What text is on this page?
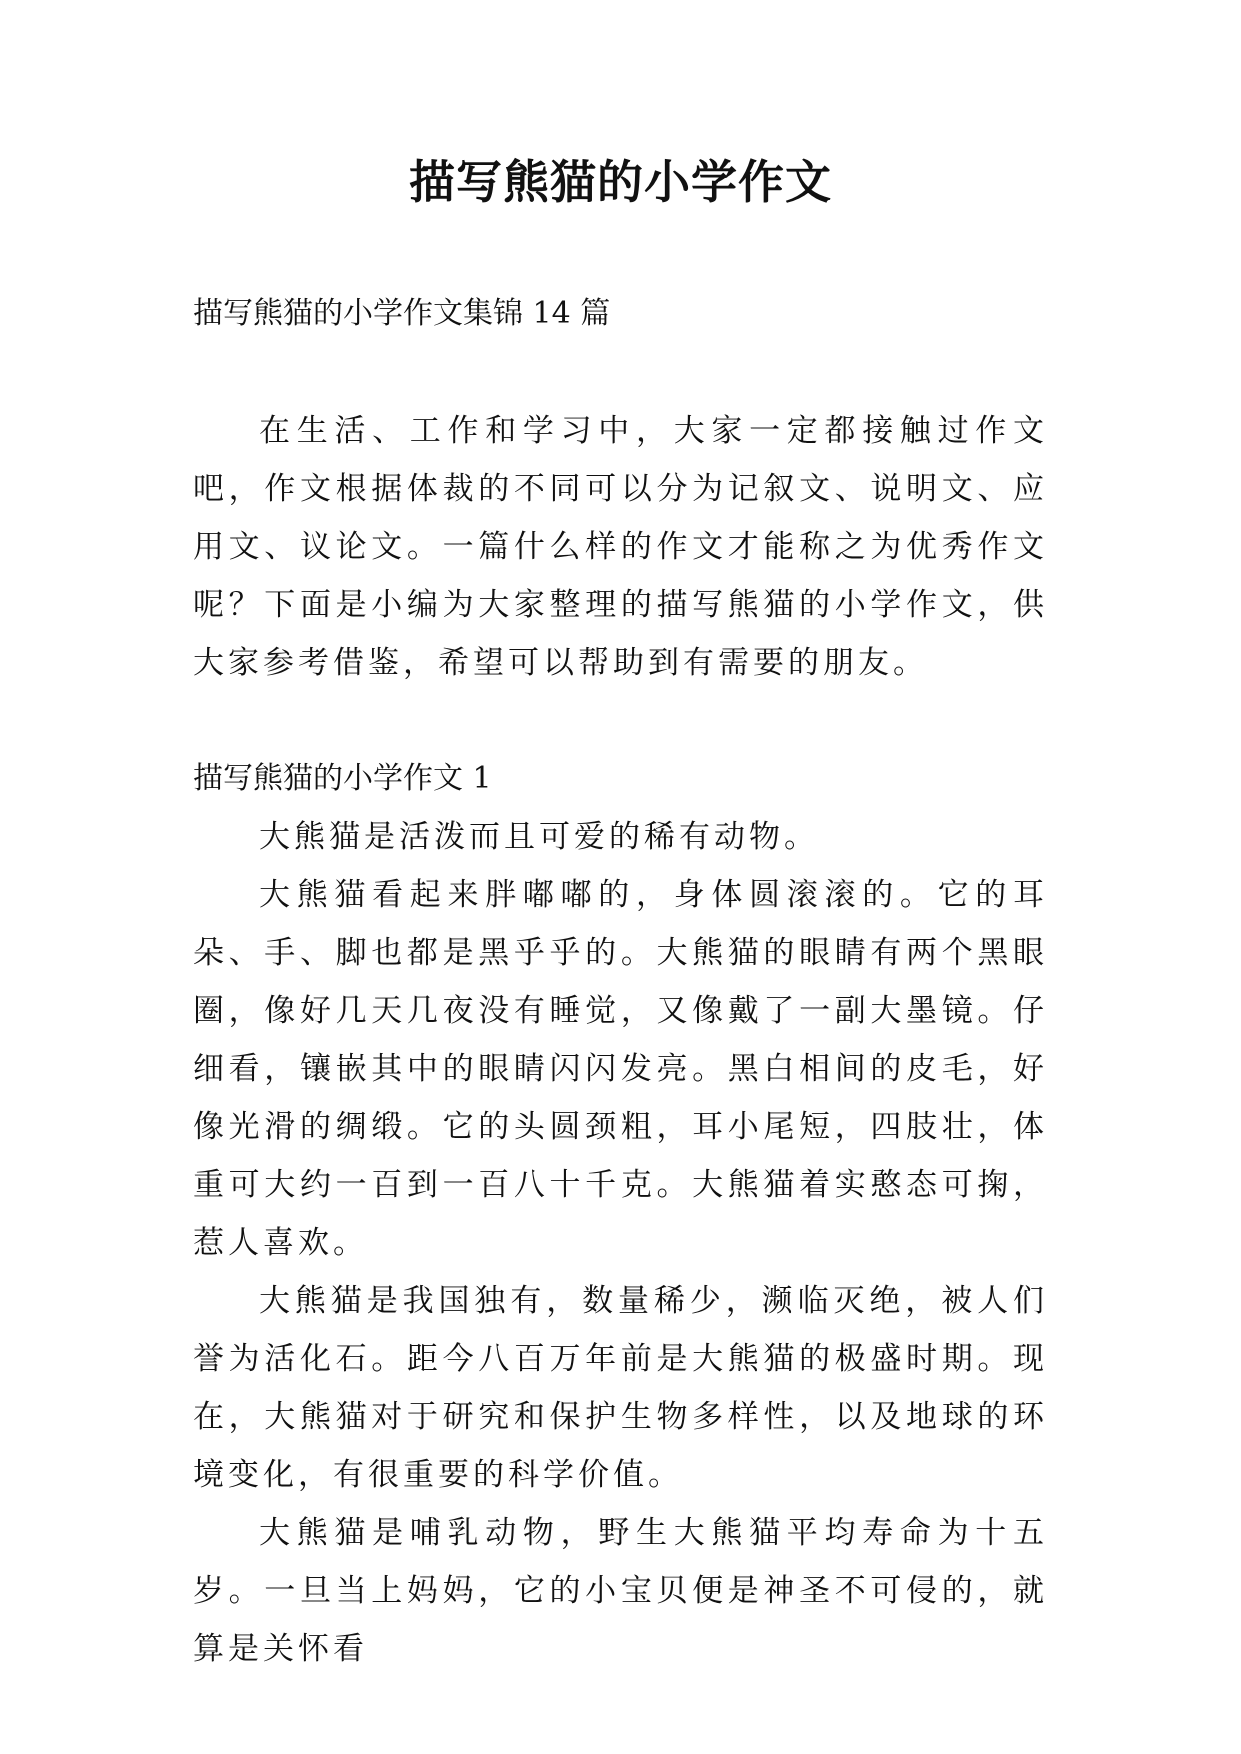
描写熊猫的小学作文

描写熊猫的小学作文集锦 14 篇

在生活、工作和学习中，大家一定都接触过作文吧，作文根据体裁的不同可以分为记叙文、说明文、应用文、议论文。一篇什么样的作文才能称之为优秀作文呢？下面是小编为大家整理的描写熊猫的小学作文，供大家参考借鉴，希望可以帮助到有需要的朋友。

描写熊猫的小学作文 1

大熊猫是活泼而且可爱的稀有动物。

大熊猫看起来胖嘟嘟的，身体圆滚滚的。它的耳朵、手、脚也都是黑乎乎的。大熊猫的眼睛有两个黑眼圈，像好几天几夜没有睡觉，又像戴了一副大墨镜。仔细看，镶嵌其中的眼睛闪闪发亮。黑白相间的皮毛，好像光滑的绸缎。它的头圆颈粗，耳小尾短，四肢壮，体重可大约一百到一百八十千克。大熊猫着实憨态可掬，惹人喜欢。

大熊猫是我国独有，数量稀少，濒临灭绝，被人们誉为活化石。距今八百万年前是大熊猫的极盛时期。现在，大熊猫对于研究和保护生物多样性，以及地球的环境变化，有很重要的科学价值。

大熊猫是哺乳动物，野生大熊猫平均寿命为十五岁。一旦当上妈妈，它的小宝贝便是神圣不可侵的，就算是关怀看
